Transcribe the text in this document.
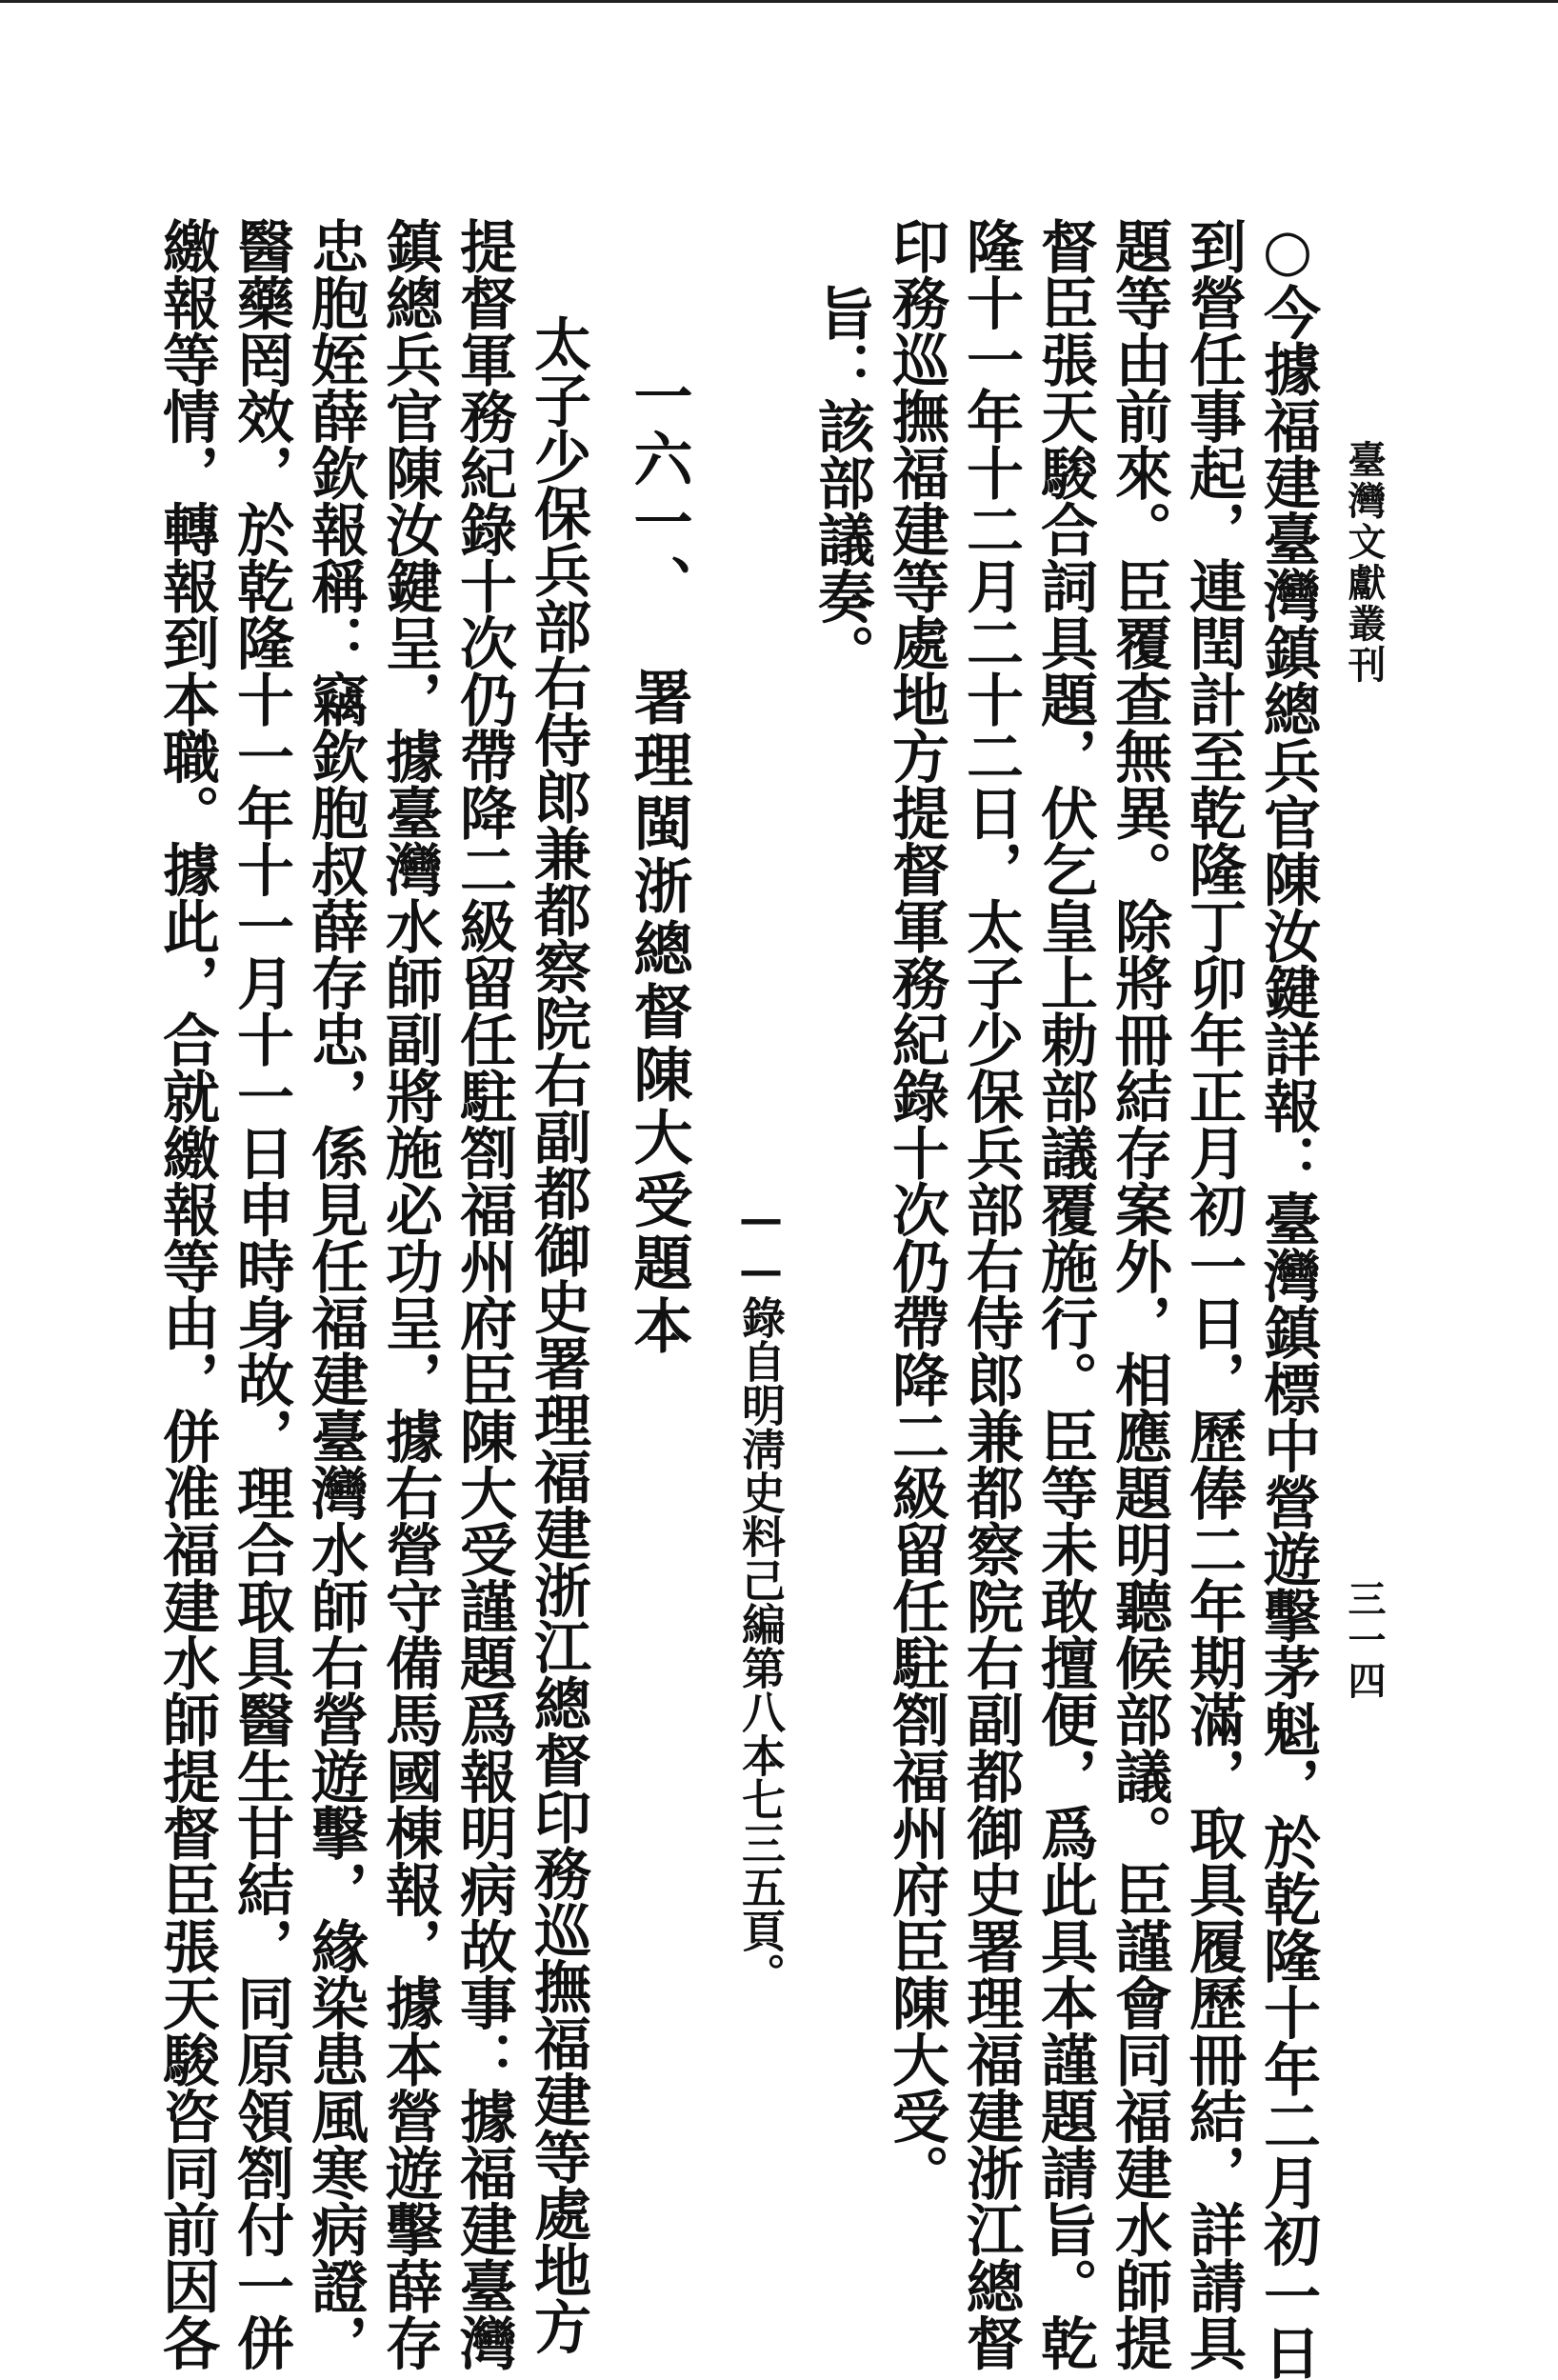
臺灣文獻叢刊
三一四
○今據福建臺灣鎮總兵官陳汝鍵詳報：臺灣鎮標中營遊擊茅魁，於乾隆十年二月初一日
到營任事起，連閏計至乾隆丁卯年正月初一日，歷俸二年期滿，取具履歷冊結，詳請具
題等由前來。臣覆查無異。除將冊結存案外，相應題明聽候部議。臣謹會同福建水師提
督臣張天駿合詞具題，伏乞皇上勅部議覆施行。臣等未敢擅便，爲此具本謹題請旨。乾
隆十一年十二月二十二日，太子少保兵部右侍郎兼都察院右副都御史署理福建浙江總督
印務巡撫福建等處地方提督軍務紀錄十次仍帶降二級留任駐劄福州府臣陳大受。
旨：該部議奏。
——錄自明淸史料己編第八本七三五頁。
一六一、署理閩浙總督陳大受題本
太子少保兵部右侍郎兼都察院右副都御史署理福建浙江總督印務巡撫福建等處地方
提督軍務紀錄十次仍帶降二級留任駐劄福州府臣陳大受謹題爲報明病故事：據福建臺灣
鎮總兵官陳汝鍵呈，據臺灣水師副將施必功呈，據右營守備馬國棟報，據本營遊擊薛存
忠胞姪薛欽報稱：竊欽胞叔薛存忠，係見任福建臺灣水師右營遊擊，緣染患風寒病證，
醫藥罔效，於乾隆十一年十一月十一日申時身故，理合取具醫生甘結，同原領劄付一併
繳報等情，轉報到本職。據此，合就繳報等由，併准福建水師提督臣張天駿咨同前因各
